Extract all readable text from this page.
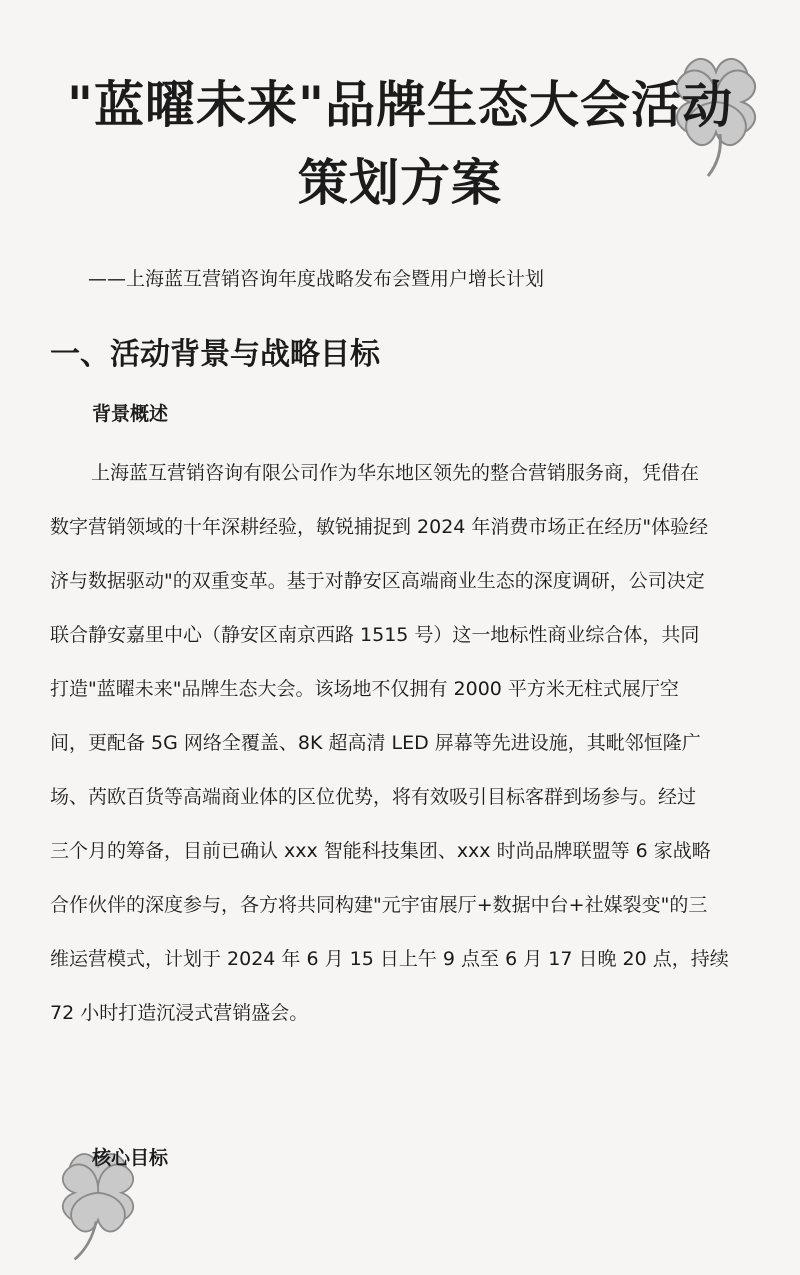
"蓝曜未来"品牌生态大会活动
策划方案

——上海蓝互营销咨询年度战略发布会暨用户增长计划

一、活动背景与战略目标
背景概述
上海蓝互营销咨询有限公司作为华东地区领先的整合营销服务商，凭借在
数字营销领域的十年深耕经验，敏锐捕捉到 2024 年消费市场正在经历"体验经
济与数据驱动"的双重变革。基于对静安区高端商业生态的深度调研，公司决定
联合静安嘉里中心（静安区南京西路 1515 号）这一地标性商业综合体，共同
打造"蓝曜未来"品牌生态大会。该场地不仅拥有 2000 平方米无柱式展厅空
间，更配备 5G 网络全覆盖、8K 超高清 LED 屏幕等先进设施，其毗邻恒隆广
场、芮欧百货等高端商业体的区位优势，将有效吸引目标客群到场参与。经过
三个月的筹备，目前已确认 xxx 智能科技集团、xxx 时尚品牌联盟等 6 家战略
合作伙伴的深度参与，各方将共同构建"元宇宙展厅+数据中台+社媒裂变"的三
维运营模式，计划于 2024 年 6 月 15 日上午 9 点至 6 月 17 日晚 20 点，持续
72 小时打造沉浸式营销盛会。
核心目标
